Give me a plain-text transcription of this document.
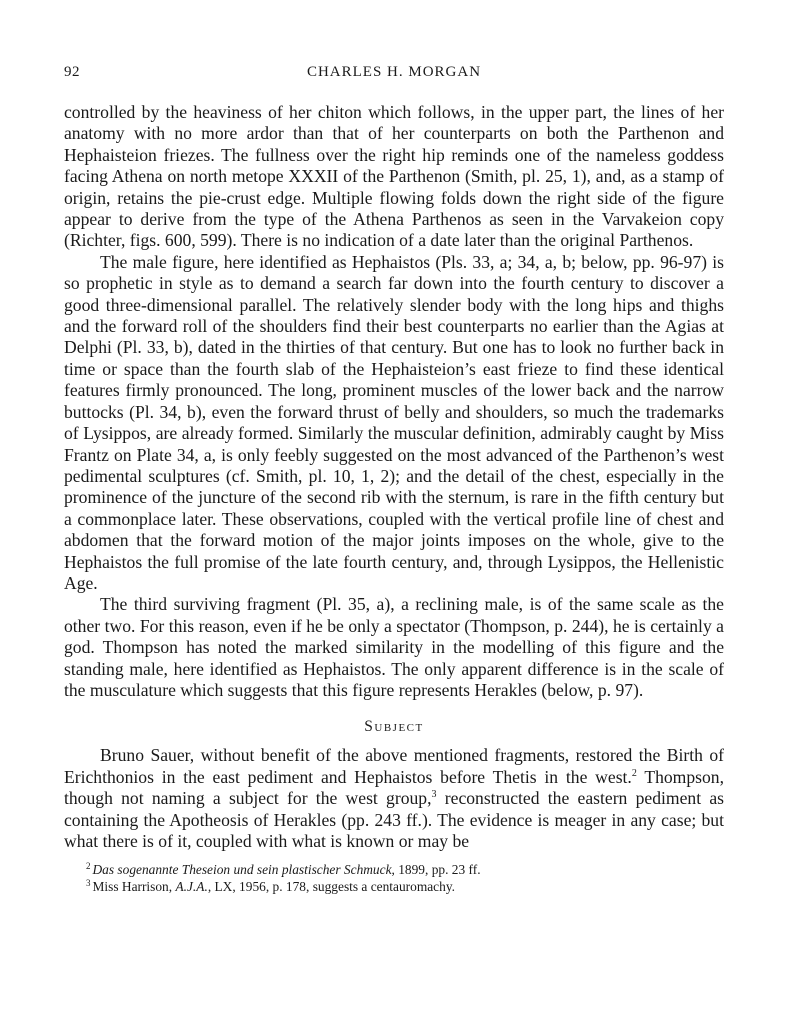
92	CHARLES H. MORGAN

controlled by the heaviness of her chiton which follows, in the upper part, the lines of her anatomy with no more ardor than that of her counterparts on both the Parthenon and Hephaisteion friezes. The fullness over the right hip reminds one of the nameless goddess facing Athena on north metope XXXII of the Parthenon (Smith, pl. 25, 1), and, as a stamp of origin, retains the pie-crust edge. Multiple flowing folds down the right side of the figure appear to derive from the type of the Athena Parthenos as seen in the Varvakeion copy (Richter, figs. 600, 599). There is no indication of a date later than the original Parthenos.

The male figure, here identified as Hephaistos (Pls. 33, a; 34, a, b; below, pp. 96-97) is so prophetic in style as to demand a search far down into the fourth century to discover a good three-dimensional parallel. The relatively slender body with the long hips and thighs and the forward roll of the shoulders find their best counterparts no earlier than the Agias at Delphi (Pl. 33, b), dated in the thirties of that century. But one has to look no further back in time or space than the fourth slab of the Hephaisteion’s east frieze to find these identical features firmly pronounced. The long, prominent muscles of the lower back and the narrow buttocks (Pl. 34, b), even the forward thrust of belly and shoulders, so much the trademarks of Lysippos, are already formed. Similarly the muscular definition, admirably caught by Miss Frantz on Plate 34, a, is only feebly suggested on the most advanced of the Parthenon’s west pedimental sculptures (cf. Smith, pl. 10, 1, 2); and the detail of the chest, especially in the prominence of the juncture of the second rib with the sternum, is rare in the fifth century but a commonplace later. These observations, coupled with the vertical profile line of chest and abdomen that the forward motion of the major joints imposes on the whole, give to the Hephaistos the full promise of the late fourth century, and, through Lysippos, the Hellenistic Age.

The third surviving fragment (Pl. 35, a), a reclining male, is of the same scale as the other two. For this reason, even if he be only a spectator (Thompson, p. 244), he is certainly a god. Thompson has noted the marked similarity in the modelling of this figure and the standing male, here identified as Hephaistos. The only apparent difference is in the scale of the musculature which suggests that this figure represents Herakles (below, p. 97).

Subject

Bruno Sauer, without benefit of the above mentioned fragments, restored the Birth of Erichthonios in the east pediment and Hephaistos before Thetis in the west.$^2$ Thompson, though not naming a subject for the west group,$^3$ reconstructed the eastern pediment as containing the Apotheosis of Herakles (pp. 243 ff.). The evidence is meager in any case; but what there is of it, coupled with what is known or may be

$^2$ Das sogenannte Theseion und sein plastischer Schmuck, 1899, pp. 23 ff.

$^3$ Miss Harrison, A.J.A., LX, 1956, p. 178, suggests a centauromachy.
